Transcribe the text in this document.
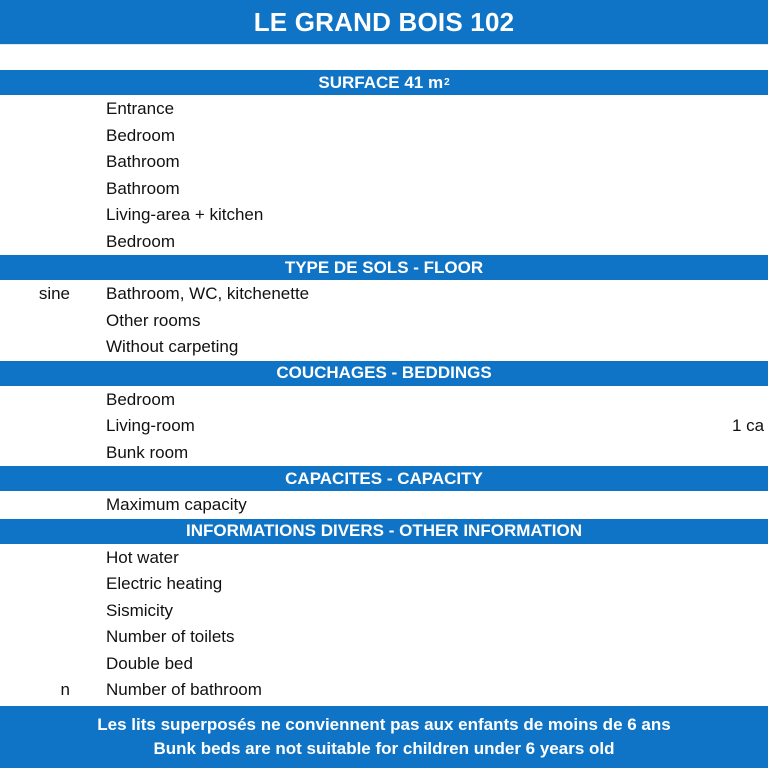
LE GRAND BOIS 102
SURFACE 41 m 2
Entrance
Bedroom
Bathroom
Bathroom
Living-area + kitchen
Bedroom
TYPE DE SOLS - FLOOR
sine Bathroom, WC, kitchenette
Other rooms
Without carpeting
COUCHAGES - BEDDINGS
Bedroom
Living-room	1 ca
Bunk room
CAPACITES - CAPACITY
Maximum capacity
INFORMATIONS DIVERS - OTHER INFORMATION
Hot water
Electric heating
Sismicity
Number of toilets
Double bed
n Number of bathroom
Les lits superposés ne conviennent pas aux enfants de moins de 6 ans
Bunk beds are not suitable for children under 6 years old
